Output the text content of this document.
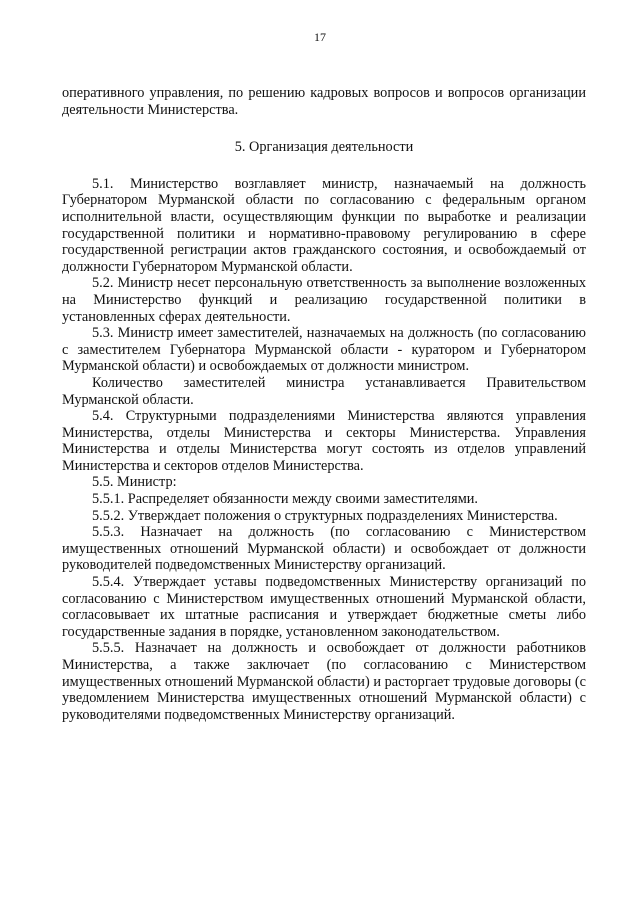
17

оперативного управления, по решению кадровых вопросов и вопросов организации деятельности Министерства.

5. Организация деятельности

5.1. Министерство возглавляет министр, назначаемый на должность Губернатором Мурманской области по согласованию с федеральным органом исполнительной власти, осуществляющим функции по выработке и реализации государственной политики и нормативно-правовому регулированию в сфере государственной регистрации актов гражданского состояния, и освобождаемый от должности Губернатором Мурманской области.

5.2. Министр несет персональную ответственность за выполнение возложенных на Министерство функций и реализацию государственной политики в установленных сферах деятельности.

5.3. Министр имеет заместителей, назначаемых на должность (по согласованию с заместителем Губернатора Мурманской области - куратором и Губернатором Мурманской области) и освобождаемых от должности министром.

Количество заместителей министра устанавливается Правительством Мурманской области.

5.4. Структурными подразделениями Министерства являются управления Министерства, отделы Министерства и секторы Министерства. Управления Министерства и отделы Министерства могут состоять из отделов управлений Министерства и секторов отделов Министерства.

5.5. Министр:

5.5.1. Распределяет обязанности между своими заместителями.

5.5.2. Утверждает положения о структурных подразделениях Министерства.

5.5.3. Назначает на должность (по согласованию с Министерством имущественных отношений Мурманской области) и освобождает от должности руководителей подведомственных Министерству организаций.

5.5.4. Утверждает уставы подведомственных Министерству организаций по согласованию с Министерством имущественных отношений Мурманской области, согласовывает их штатные расписания и утверждает бюджетные сметы либо государственные задания в порядке, установленном законодательством.

5.5.5. Назначает на должность и освобождает от должности работников Министерства, а также заключает (по согласованию с Министерством имущественных отношений Мурманской области) и расторгает трудовые договоры (с уведомлением Министерства имущественных отношений Мурманской области) с руководителями подведомственных Министерству организаций.
